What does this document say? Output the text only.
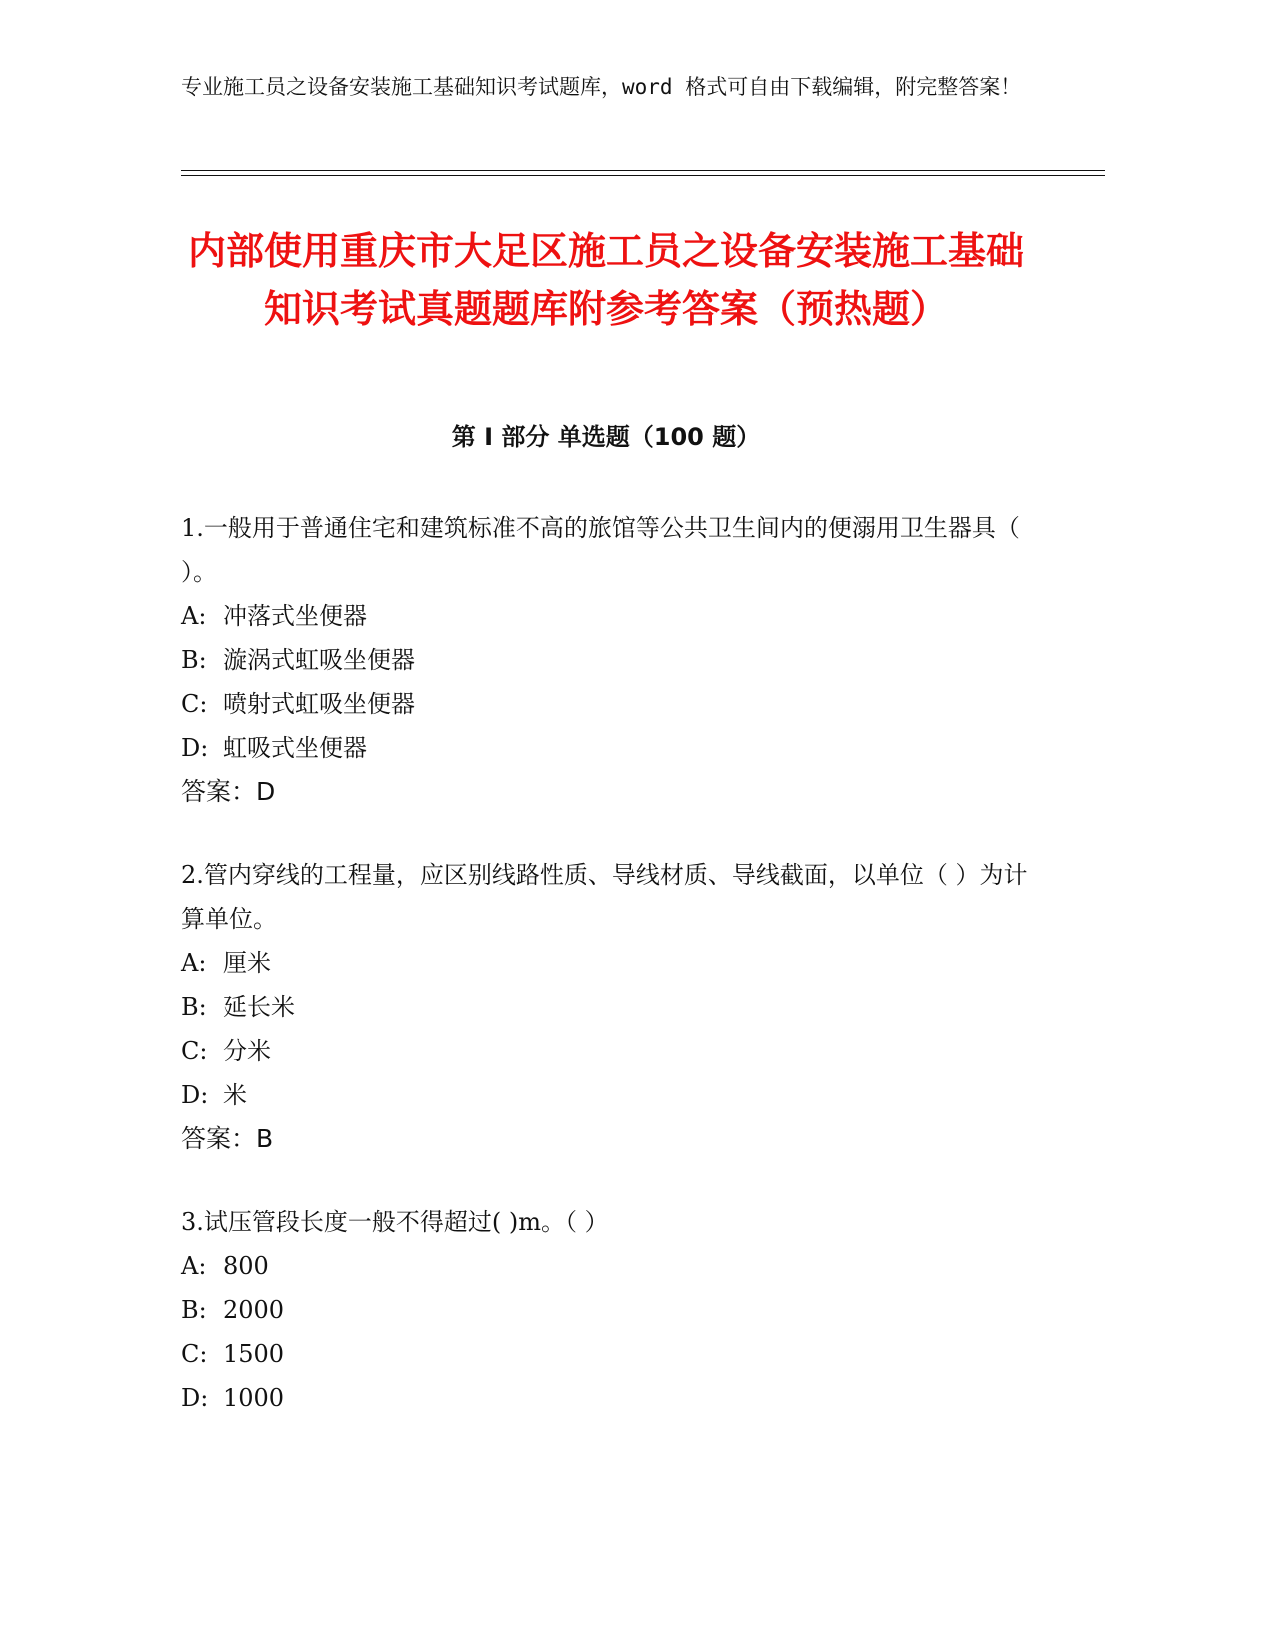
专业施工员之设备安装施工基础知识考试题库，word 格式可自由下载编辑，附完整答案！

内部使用重庆市大足区施工员之设备安装施工基础知识考试真题题库附参考答案（预热题）
第 I 部分 单选题（100 题）

1.一般用于普通住宅和建筑标准不高的旅馆等公共卫生间内的便溺用卫生器具（ ）。

A: 冲落式坐便器
B: 漩涡式虹吸坐便器
C: 喷射式虹吸坐便器
D: 虹吸式坐便器

答案：D

2.管内穿线的工程量，应区别线路性质、导线材质、导线截面，以单位（ ）为计算单位。

A: 厘米
B: 延长米
C: 分米
D: 米

答案：B

3.试压管段长度一般不得超过( )m。（ ）

A: 800
B: 2000
C: 1500
D: 1000
